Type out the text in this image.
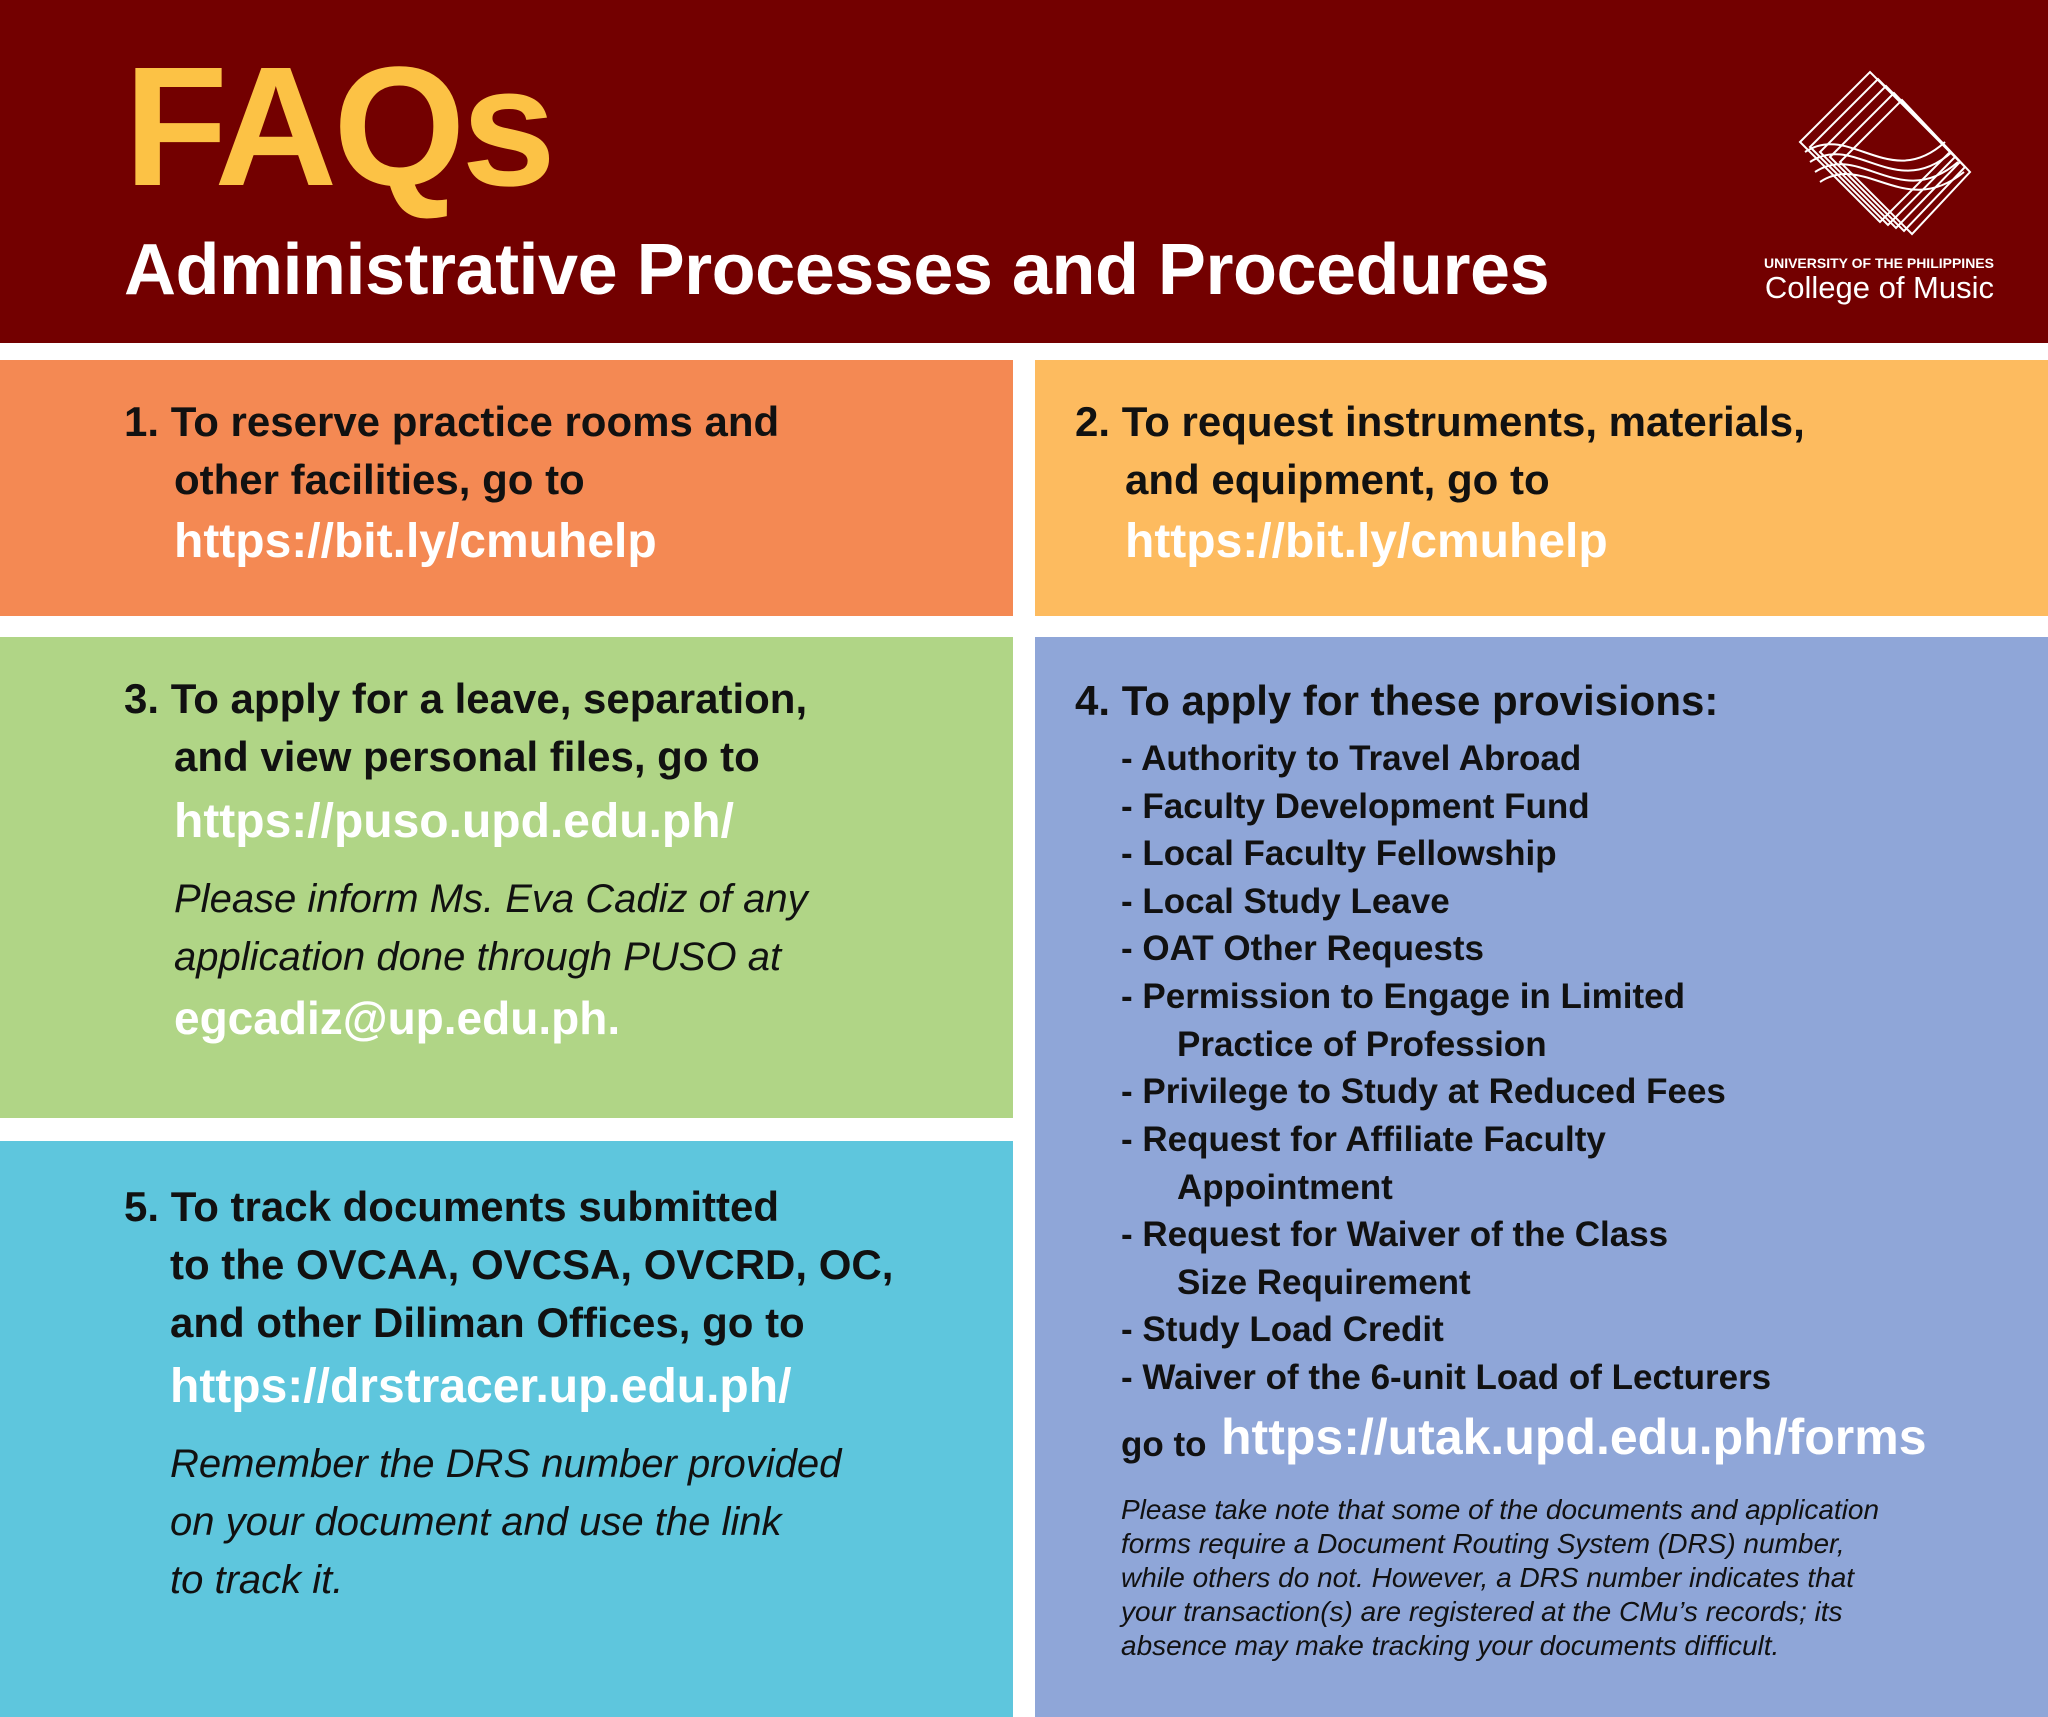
FAQs
Administrative Processes and Procedures	UNIVERSITY OF THE PHILIPPINES
College of Music
1. To reserve practice rooms and
other facilities, go to
https://bit.ly/cmuhelp
2. To request instruments, materials,
and equipment, go to
https://bit.ly/cmuhelp
3. To apply for a leave, separation,
and view personal files, go to
https://puso.upd.edu.ph/
Please inform Ms. Eva Cadiz of any
application done through PUSO at
egcadiz@up.edu.ph.
4. To apply for these provisions:
- Authority to Travel Abroad
- Faculty Development Fund
- Local Faculty Fellowship
- Local Study Leave
- OAT Other Requests
- Permission to Engage in Limited
Practice of Profession
- Privilege to Study at Reduced Fees
- Request for Affiliate Faculty
Appointment
- Request for Waiver of the Class
Size Requirement
- Study Load Credit
- Waiver of the 6-unit Load of Lecturers
go to https://utak.upd.edu.ph/forms
Please take note that some of the documents and application
forms require a Document Routing System (DRS) number,
while others do not. However, a DRS number indicates that
your transaction(s) are registered at the CMu’s records; its
absence may make tracking your documents difficult.
5. To track documents submitted
to the OVCAA, OVCSA, OVCRD, OC,
and other Diliman Offices, go to
https://drstracer.up.edu.ph/
Remember the DRS number provided
on your document and use the link
to track it.
